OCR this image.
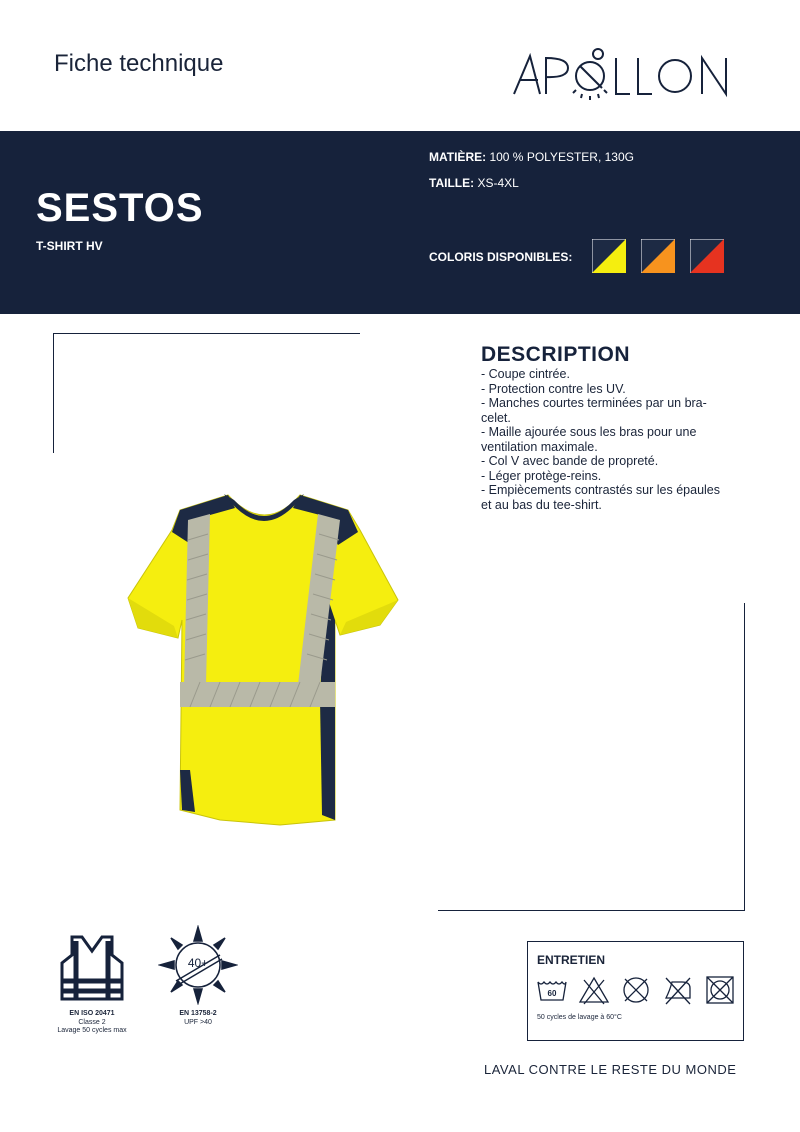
Fiche technique
SESTOS
T-SHIRT HV
MATIÈRE: 100 % POLYESTER, 130G
TAILLE: XS-4XL
COLORIS DISPONIBLES:
DESCRIPTION
- Coupe cintrée.
- Protection contre les UV.
- Manches courtes terminées par un bra-celet.
- Maille ajourée sous les bras pour une ventilation maximale.
- Col V avec bande de propreté.
- Léger protège-reins.
- Empiècements contrastés sur les épaules et au bas du tee-shirt.
EN ISO 20471
Classe 2
Lavage 50 cycles max
40+
EN 13758-2
UPF >40
ENTRETIEN
60
50 cycles de lavage à 60°C
LAVAL CONTRE LE RESTE DU MONDE
